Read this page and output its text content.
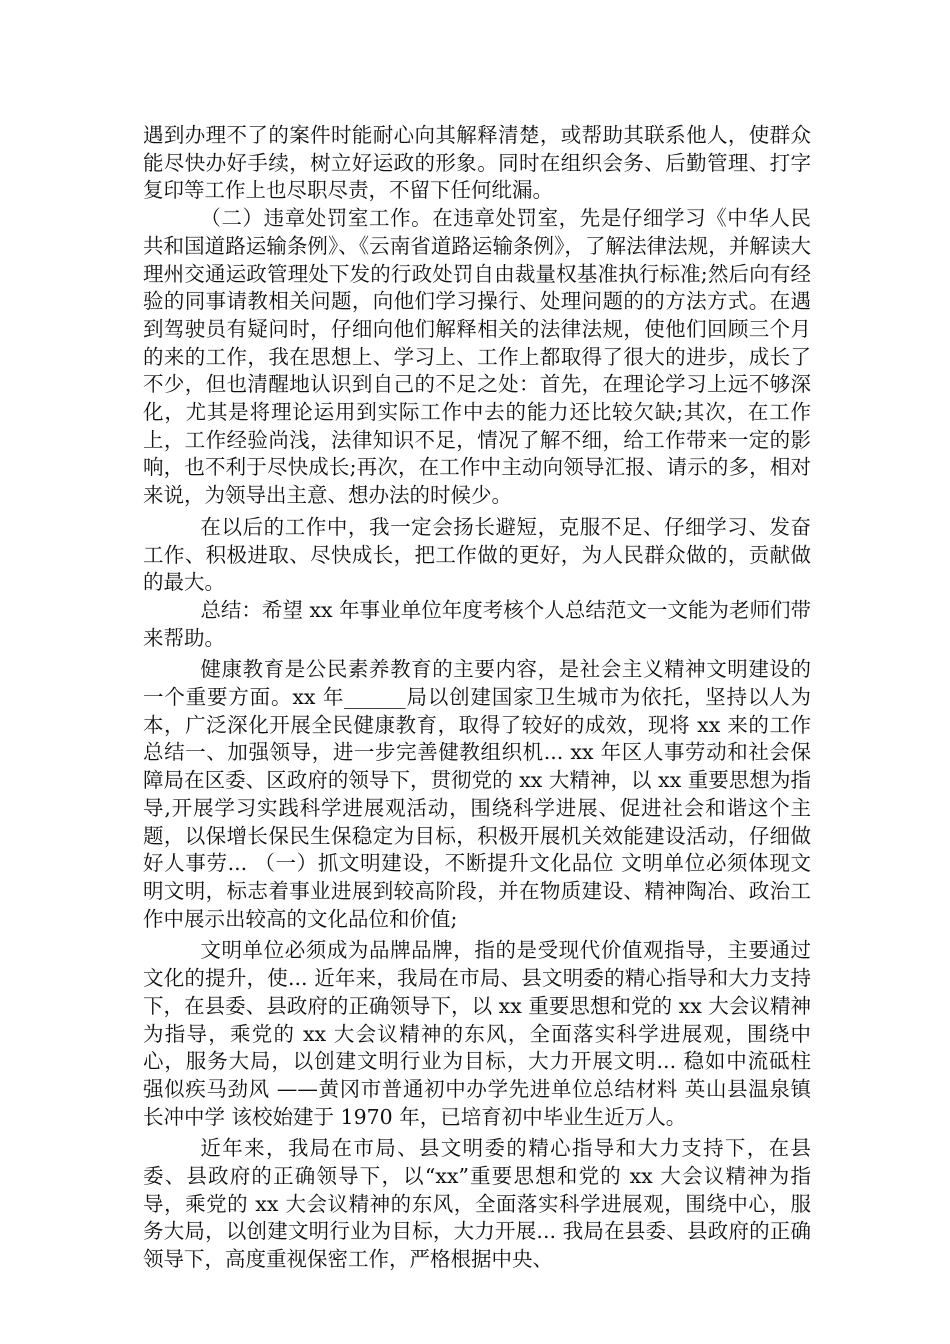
遇到办理不了的案件时能耐心向其解释清楚，或帮助其联系他人，使群众能尽快办好手续，树立好运政的形象。同时在组织会务、后勤管理、打字复印等工作上也尽职尽责，不留下任何纰漏。

（二）违章处罚室工作。在违章处罚室，先是仔细学习《中华人民共和国道路运输条例》、《云南省道路运输条例》，了解法律法规，并解读大理州交通运政管理处下发的行政处罚自由裁量权基准执行标准;然后向有经验的同事请教相关问题，向他们学习操行、处理问题的的方法方式。在遇到驾驶员有疑问时，仔细向他们解释相关的法律法规，使他们回顾三个月的来的工作，我在思想上、学习上、工作上都取得了很大的进步，成长了不少，但也清醒地认识到自己的不足之处：首先，在理论学习上远不够深化，尤其是将理论运用到实际工作中去的能力还比较欠缺;其次，在工作上，工作经验尚浅，法律知识不足，情况了解不细，给工作带来一定的影响，也不利于尽快成长;再次，在工作中主动向领导汇报、请示的多，相对来说，为领导出主意、想办法的时候少。

在以后的工作中，我一定会扬长避短，克服不足、仔细学习、发奋工作、积极进取、尽快成长，把工作做的更好，为人民群众做的，贡献做的最大。

总结：希望 xx 年事业单位年度考核个人总结范文一文能为老师们带来帮助。

健康教育是公民素养教育的主要内容，是社会主义精神文明建设的一个重要方面。xx 年______局以创建国家卫生城市为依托，坚持以人为本，广泛深化开展全民健康教育，取得了较好的成效，现将 xx 来的工作总结一、加强领导，进一步完善健教组织机... xx 年区人事劳动和社会保障局在区委、区政府的领导下，贯彻党的 xx 大精神，以 xx 重要思想为指导,开展学习实践科学进展观活动，围绕科学进展、促进社会和谐这个主题，以保增长保民生保稳定为目标，积极开展机关效能建设活动，仔细做好人事劳... （一）抓文明建设，不断提升文化品位 文明单位必须体现文明文明，标志着事业进展到较高阶段，并在物质建设、精神陶冶、政治工作中展示出较高的文化品位和价值;

文明单位必须成为品牌品牌，指的是受现代价值观指导，主要通过文化的提升，使... 近年来，我局在市局、县文明委的精心指导和大力支持下，在县委、县政府的正确领导下，以 xx 重要思想和党的 xx 大会议精神为指导，乘党的 xx 大会议精神的东风，全面落实科学进展观，围绕中心，服务大局，以创建文明行业为目标，大力开展文明... 稳如中流砥柱 强似疾马劲风 ——黄冈市普通初中办学先进单位总结材料 英山县温泉镇长冲中学 该校始建于 1970 年，已培育初中毕业生近万人。

近年来，我局在市局、县文明委的精心指导和大力支持下，在县委、县政府的正确领导下，以“xx”重要思想和党的 xx 大会议精神为指导，乘党的 xx 大会议精神的东风，全面落实科学进展观，围绕中心，服务大局，以创建文明行业为目标，大力开展... 我局在县委、县政府的正确领导下，高度重视保密工作，严格根据中央、
